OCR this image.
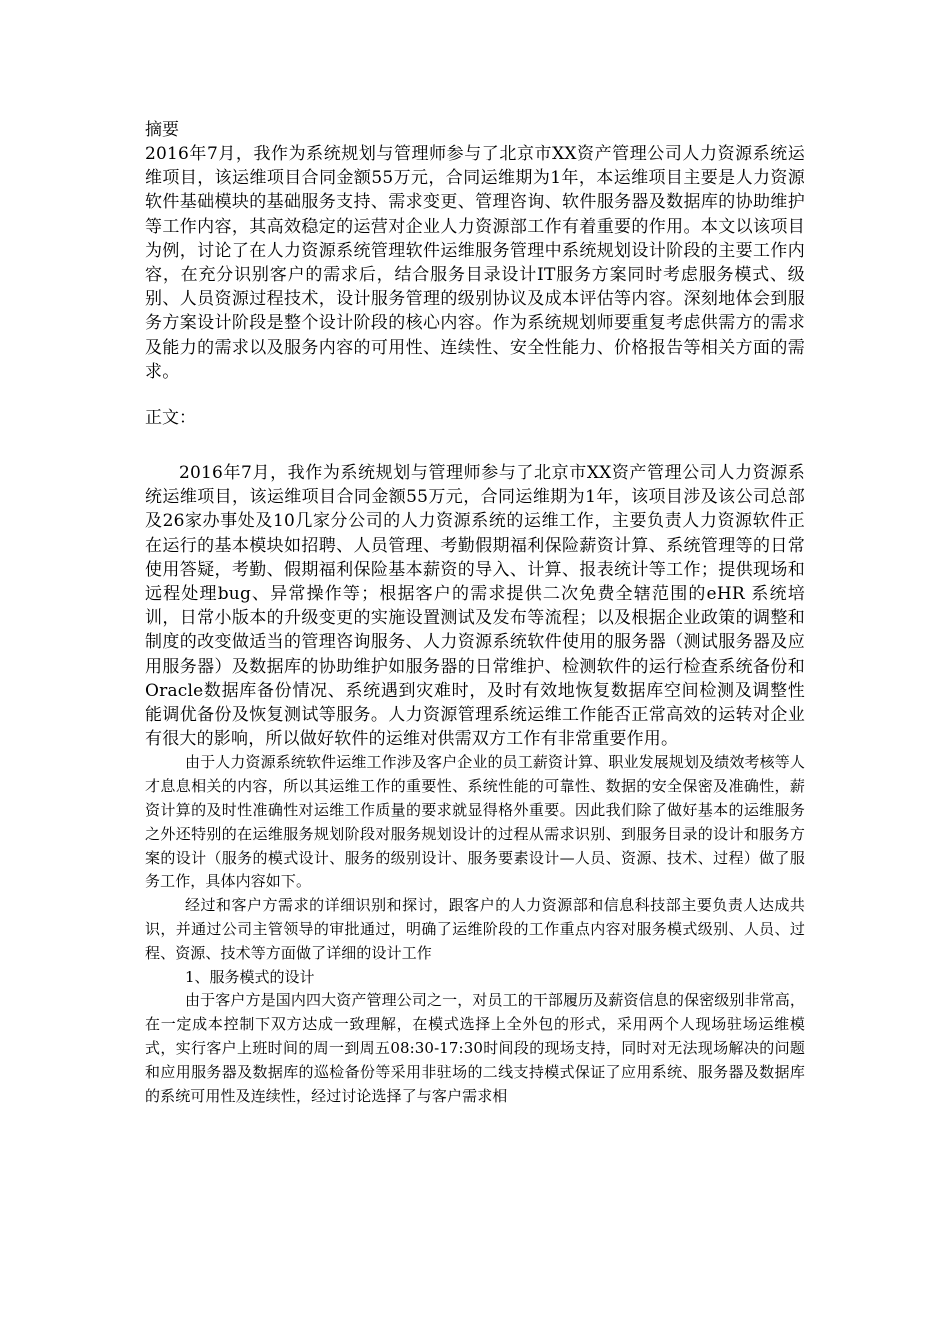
摘要

2016年7月，我作为系统规划与管理师参与了北京市XX资产管理公司人力资源系统运维项目，该运维项目合同金额55万元，合同运维期为1年，本运维项目主要是人力资源软件基础模块的基础服务支持、需求变更、管理咨询、软件服务器及数据库的协助维护等工作内容，其高效稳定的运营对企业人力资源部工作有着重要的作用。本文以该项目为例，讨论了在人力资源系统管理软件运维服务管理中系统规划设计阶段的主要工作内容，在充分识别客户的需求后，结合服务目录设计IT服务方案同时考虑服务模式、级别、人员资源过程技术，设计服务管理的级别协议及成本评估等内容。深刻地体会到服务方案设计阶段是整个设计阶段的核心内容。作为系统规划师要重复考虑供需方的需求及能力的需求以及服务内容的可用性、连续性、安全性能力、价格报告等相关方面的需求。

正文：

2016年7月，我作为系统规划与管理师参与了北京市XX资产管理公司人力资源系统运维项目，该运维项目合同金额55万元，合同运维期为1年，该项目涉及该公司总部及26家办事处及10几家分公司的人力资源系统的运维工作，主要负责人力资源软件正在运行的基本模块如招聘、人员管理、考勤假期福利保险薪资计算、系统管理等的日常使用答疑，考勤、假期福利保险基本薪资的导入、计算、报表统计等工作；提供现场和远程处理bug、异常操作等；根据客户的需求提供二次免费全辖范围的eHR 系统培训，日常小版本的升级变更的实施设置测试及发布等流程；以及根据企业政策的调整和制度的改变做适当的管理咨询服务、人力资源系统软件使用的服务器（测试服务器及应用服务器）及数据库的协助维护如服务器的日常维护、检测软件的运行检查系统备份和Oracle数据库备份情况、系统遇到灾难时，及时有效地恢复数据库空间检测及调整性能调优备份及恢复测试等服务。人力资源管理系统运维工作能否正常高效的运转对企业有很大的影响，所以做好软件的运维对供需双方工作有非常重要作用。

由于人力资源系统软件运维工作涉及客户企业的员工薪资计算、职业发展规划及绩效考核等人才息息相关的内容，所以其运维工作的重要性、系统性能的可靠性、数据的安全保密及准确性，薪资计算的及时性准确性对运维工作质量的要求就显得格外重要。因此我们除了做好基本的运维服务之外还特别的在运维服务规划阶段对服务规划设计的过程从需求识别、到服务目录的设计和服务方案的设计（服务的模式设计、服务的级别设计、服务要素设计—人员、资源、技术、过程）做了服务工作，具体内容如下。

经过和客户方需求的详细识别和探讨，跟客户的人力资源部和信息科技部主要负责人达成共识，并通过公司主管领导的审批通过，明确了运维阶段的工作重点内容对服务模式级别、人员、过程、资源、技术等方面做了详细的设计工作

1、服务模式的设计

由于客户方是国内四大资产管理公司之一，对员工的干部履历及薪资信息的保密级别非常高，在一定成本控制下双方达成一致理解，在模式选择上全外包的形式，采用两个人现场驻场运维模式，实行客户上班时间的周一到周五08:30-17:30时间段的现场支持，同时对无法现场解决的问题和应用服务器及数据库的巡检备份等采用非驻场的二线支持模式保证了应用系统、服务器及数据库的系统可用性及连续性，经过讨论选择了与客户需求相
